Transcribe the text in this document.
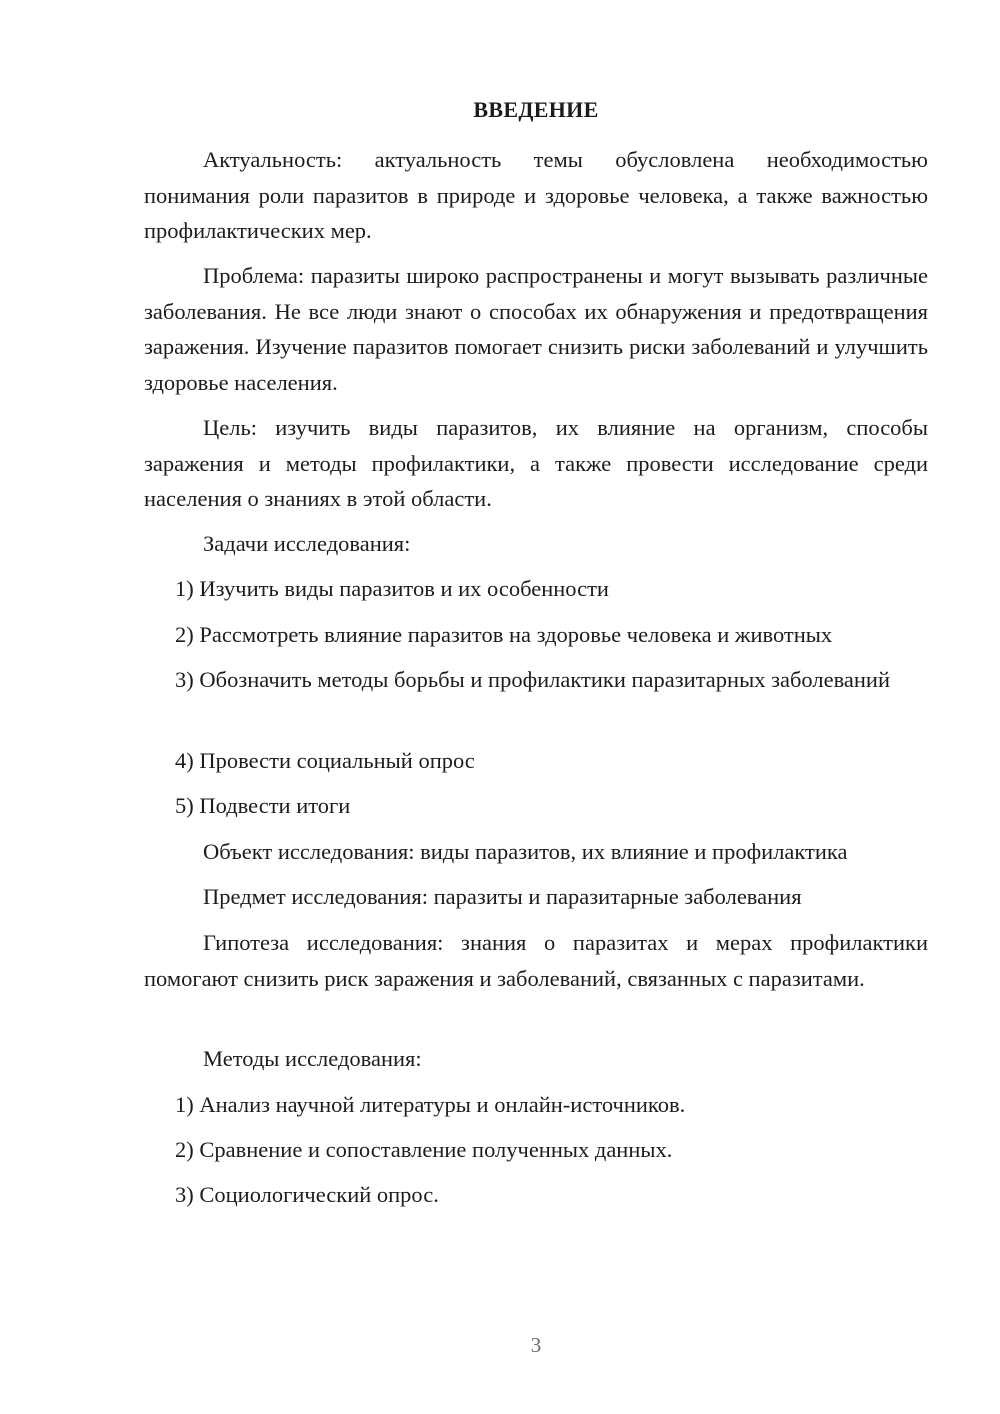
ВВЕДЕНИЕ
Актуальность: актуальность темы обусловлена необходимостью понимания роли паразитов в природе и здоровье человека, а также важностью профилактических мер.
Проблема: паразиты широко распространены и могут вызывать различные заболевания. Не все люди знают о способах их обнаружения и предотвращения заражения. Изучение паразитов помогает снизить риски заболеваний и улучшить здоровье населения.
Цель: изучить виды паразитов, их влияние на организм, способы заражения и методы профилактики, а также провести исследование среди населения о знаниях в этой области.
Задачи исследования:
1) Изучить виды паразитов и их особенности
2) Рассмотреть влияние паразитов на здоровье человека и животных
3) Обозначить методы борьбы и профилактики паразитарных заболеваний
4) Провести социальный опрос
5) Подвести итоги
Объект исследования: виды паразитов, их влияние и профилактика
Предмет исследования: паразиты и паразитарные заболевания
Гипотеза исследования: знания о паразитах и мерах профилактики помогают снизить риск заражения и заболеваний, связанных с паразитами.
Методы исследования:
1) Анализ научной литературы и онлайн-источников.
2) Сравнение и сопоставление полученных данных.
3) Социологический опрос.
3
